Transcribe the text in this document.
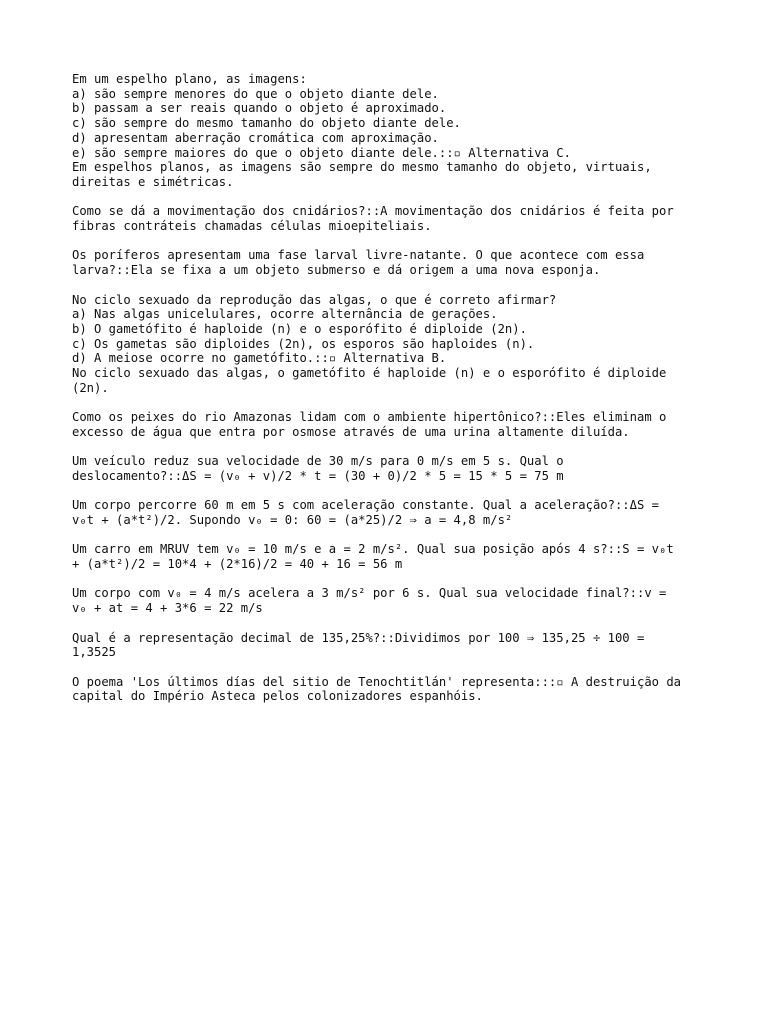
Em um espelho plano, as imagens:
a) são sempre menores do que o objeto diante dele.
b) passam a ser reais quando o objeto é aproximado.
c) são sempre do mesmo tamanho do objeto diante dele.
d) apresentam aberração cromática com aproximação.
e) são sempre maiores do que o objeto diante dele.::▫ Alternativa C.
Em espelhos planos, as imagens são sempre do mesmo tamanho do objeto, virtuais,
direitas e simétricas.
Como se dá a movimentação dos cnidários?::A movimentação dos cnidários é feita por
fibras contráteis chamadas células mioepiteliais.
Os poríferos apresentam uma fase larval livre-natante. O que acontece com essa
larva?::Ela se fixa a um objeto submerso e dá origem a uma nova esponja.
No ciclo sexuado da reprodução das algas, o que é correto afirmar?
a) Nas algas unicelulares, ocorre alternância de gerações.
b) O gametófito é haploide (n) e o esporófito é diploide (2n).
c) Os gametas são diploides (2n), os esporos são haploides (n).
d) A meiose ocorre no gametófito.::▫ Alternativa B.
No ciclo sexuado das algas, o gametófito é haploide (n) e o esporófito é diploide
(2n).
Como os peixes do rio Amazonas lidam com o ambiente hipertônico?::Eles eliminam o
excesso de água que entra por osmose através de uma urina altamente diluída.
Um veículo reduz sua velocidade de 30 m/s para 0 m/s em 5 s. Qual o
deslocamento?::ΔS = (v₀ + v)/2 * t = (30 + 0)/2 * 5 = 15 * 5 = 75 m
Um corpo percorre 60 m em 5 s com aceleração constante. Qual a aceleração?::ΔS =
v₀t + (a*t²)/2. Supondo v₀ = 0: 60 = (a*25)/2 ⇒ a = 4,8 m/s²
Um carro em MRUV tem v₀ = 10 m/s e a = 2 m/s². Qual sua posição após 4 s?::S = v₀t
+ (a*t²)/2 = 10*4 + (2*16)/2 = 40 + 16 = 56 m
Um corpo com v₀ = 4 m/s acelera a 3 m/s² por 6 s. Qual sua velocidade final?::v =
v₀ + at = 4 + 3*6 = 22 m/s
Qual é a representação decimal de 135,25%?::Dividimos por 100 ⇒ 135,25 ÷ 100 =
1,3525
O poema 'Los últimos días del sitio de Tenochtitlán' representa:::▫ A destruição da
capital do Império Asteca pelos colonizadores espanhóis.
